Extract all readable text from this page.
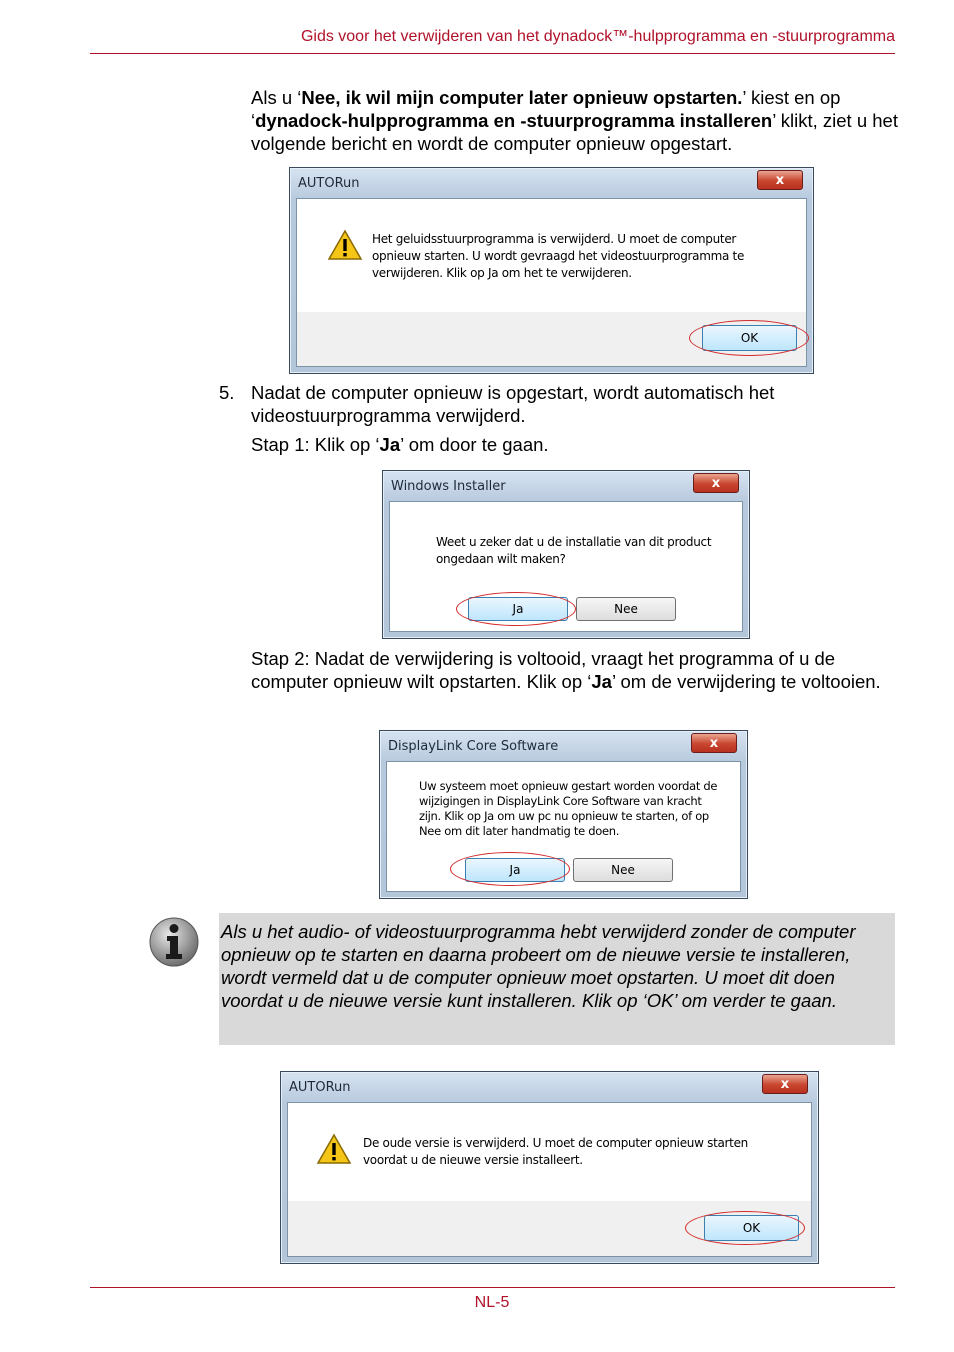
Gids voor het verwijderen van het dynadock™-hulpprogramma en -stuurprogramma
Als u ‘Nee, ik wil mijn computer later opnieuw opstarten.’ kiest en op ‘dynadock-hulpprogramma en -stuurprogramma installeren’ klikt, ziet u het volgende bericht en wordt de computer opnieuw opgestart.
AUTORun	x
Het geluidsstuurprogramma is verwijderd. U moet de computer opnieuw starten. U wordt gevraagd het videostuurprogramma te verwijderen. Klik op Ja om het te verwijderen.
OK
5. Nadat de computer opnieuw is opgestart, wordt automatisch het videostuurprogramma verwijderd.
Stap 1: Klik op ‘Ja’ om door te gaan.
Windows Installer	x
Weet u zeker dat u de installatie van dit product ongedaan wilt maken?
Ja	Nee
Stap 2: Nadat de verwijdering is voltooid, vraagt het programma of u de computer opnieuw wilt opstarten. Klik op ‘Ja’ om de verwijdering te voltooien.
DisplayLink Core Software	x
Uw systeem moet opnieuw gestart worden voordat de wijzigingen in DisplayLink Core Software van kracht zijn. Klik op Ja om uw pc nu opnieuw te starten, of op Nee om dit later handmatig te doen.
Ja	Nee
Als u het audio- of videostuurprogramma hebt verwijderd zonder de computer opnieuw op te starten en daarna probeert om de nieuwe versie te installeren, wordt vermeld dat u de computer opnieuw moet opstarten. U moet dit doen voordat u de nieuwe versie kunt installeren. Klik op ‘OK’ om verder te gaan.
AUTORun	x
De oude versie is verwijderd. U moet de computer opnieuw starten voordat u de nieuwe versie installeert.
OK
NL-5
